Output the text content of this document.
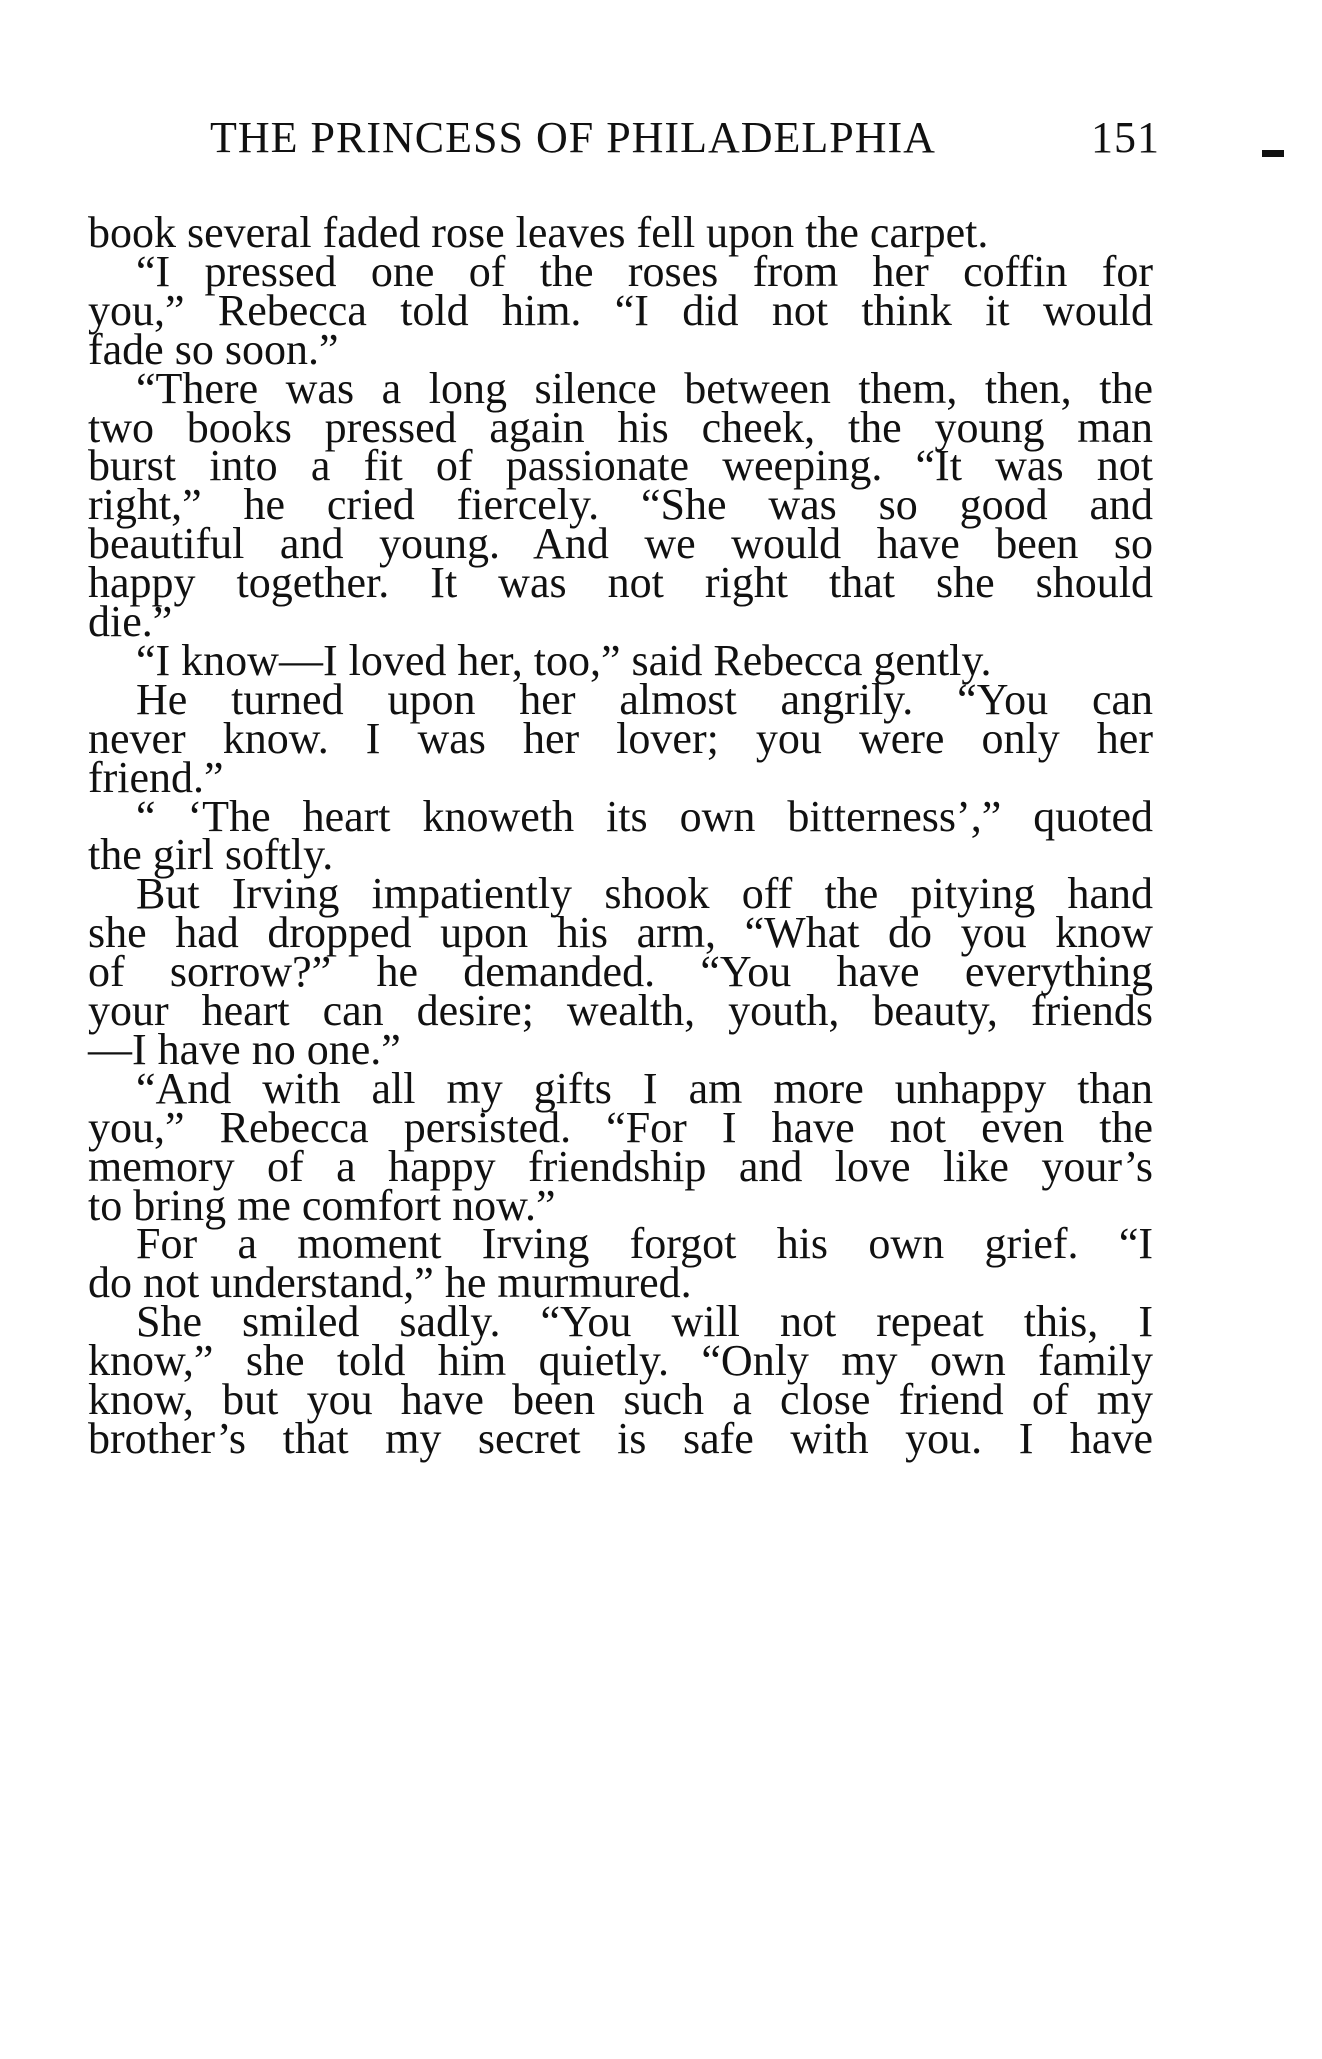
THE PRINCESS OF PHILADELPHIA	151
book several faded rose leaves fell upon the carpet.
“I pressed one of the roses from her coffin for
you,” Rebecca told him. “I did not think it would
fade so soon.”
“There was a long silence between them, then, the
two books pressed again his cheek, the young man
burst into a fit of passionate weeping. “It was not
right,” he cried fiercely. “She was so good and
beautiful and young. And we would have been so
happy together. It was not right that she should
die.”
“I know—I loved her, too,” said Rebecca gently.
He turned upon her almost angrily. “You can
never know. I was her lover; you were only her
friend.”
“ ‘The heart knoweth its own bitterness’,” quoted
the girl softly.
But Irving impatiently shook off the pitying hand
she had dropped upon his arm, “What do you know
of sorrow?” he demanded. “You have everything
your heart can desire; wealth, youth, beauty, friends
—I have no one.”
“And with all my gifts I am more unhappy than
you,” Rebecca persisted. “For I have not even the
memory of a happy friendship and love like your’s
to bring me comfort now.”
For a moment Irving forgot his own grief. “I
do not understand,” he murmured.
She smiled sadly. “You will not repeat this, I
know,” she told him quietly. “Only my own family
know, but you have been such a close friend of my
brother’s that my secret is safe with you. I have
